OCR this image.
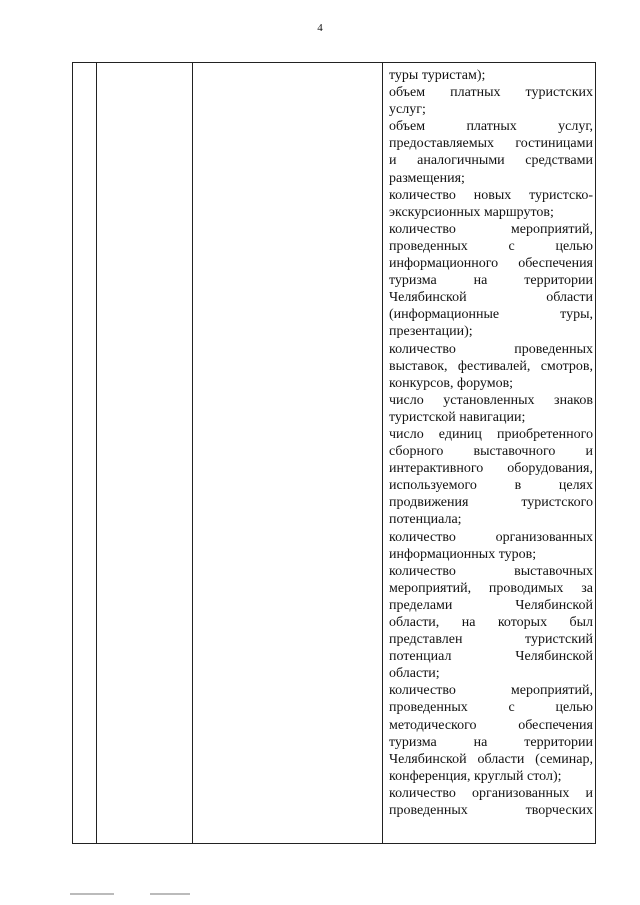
4
туры туристам);
объем платных туристских
услуг;
объем платных услуг,
предоставляемых гостиницами
и аналогичными средствами
размещения;
количество новых туристско-
экскурсионных маршрутов;
количество мероприятий,
проведенных с целью
информационного обеспечения
туризма на территории
Челябинской области
(информационные туры,
презентации);
количество проведенных
выставок, фестивалей, смотров,
конкурсов, форумов;
число установленных знаков
туристской навигации;
число единиц приобретенного
сборного выставочного и
интерактивного оборудования,
используемого в целях
продвижения туристского
потенциала;
количество организованных
информационных туров;
количество выставочных
мероприятий, проводимых за
пределами Челябинской
области, на которых был
представлен туристский
потенциал Челябинской
области;
количество мероприятий,
проведенных с целью
методического обеспечения
туризма на территории
Челябинской области (семинар,
конференция, круглый стол);
количество организованных и
проведенных творческих
